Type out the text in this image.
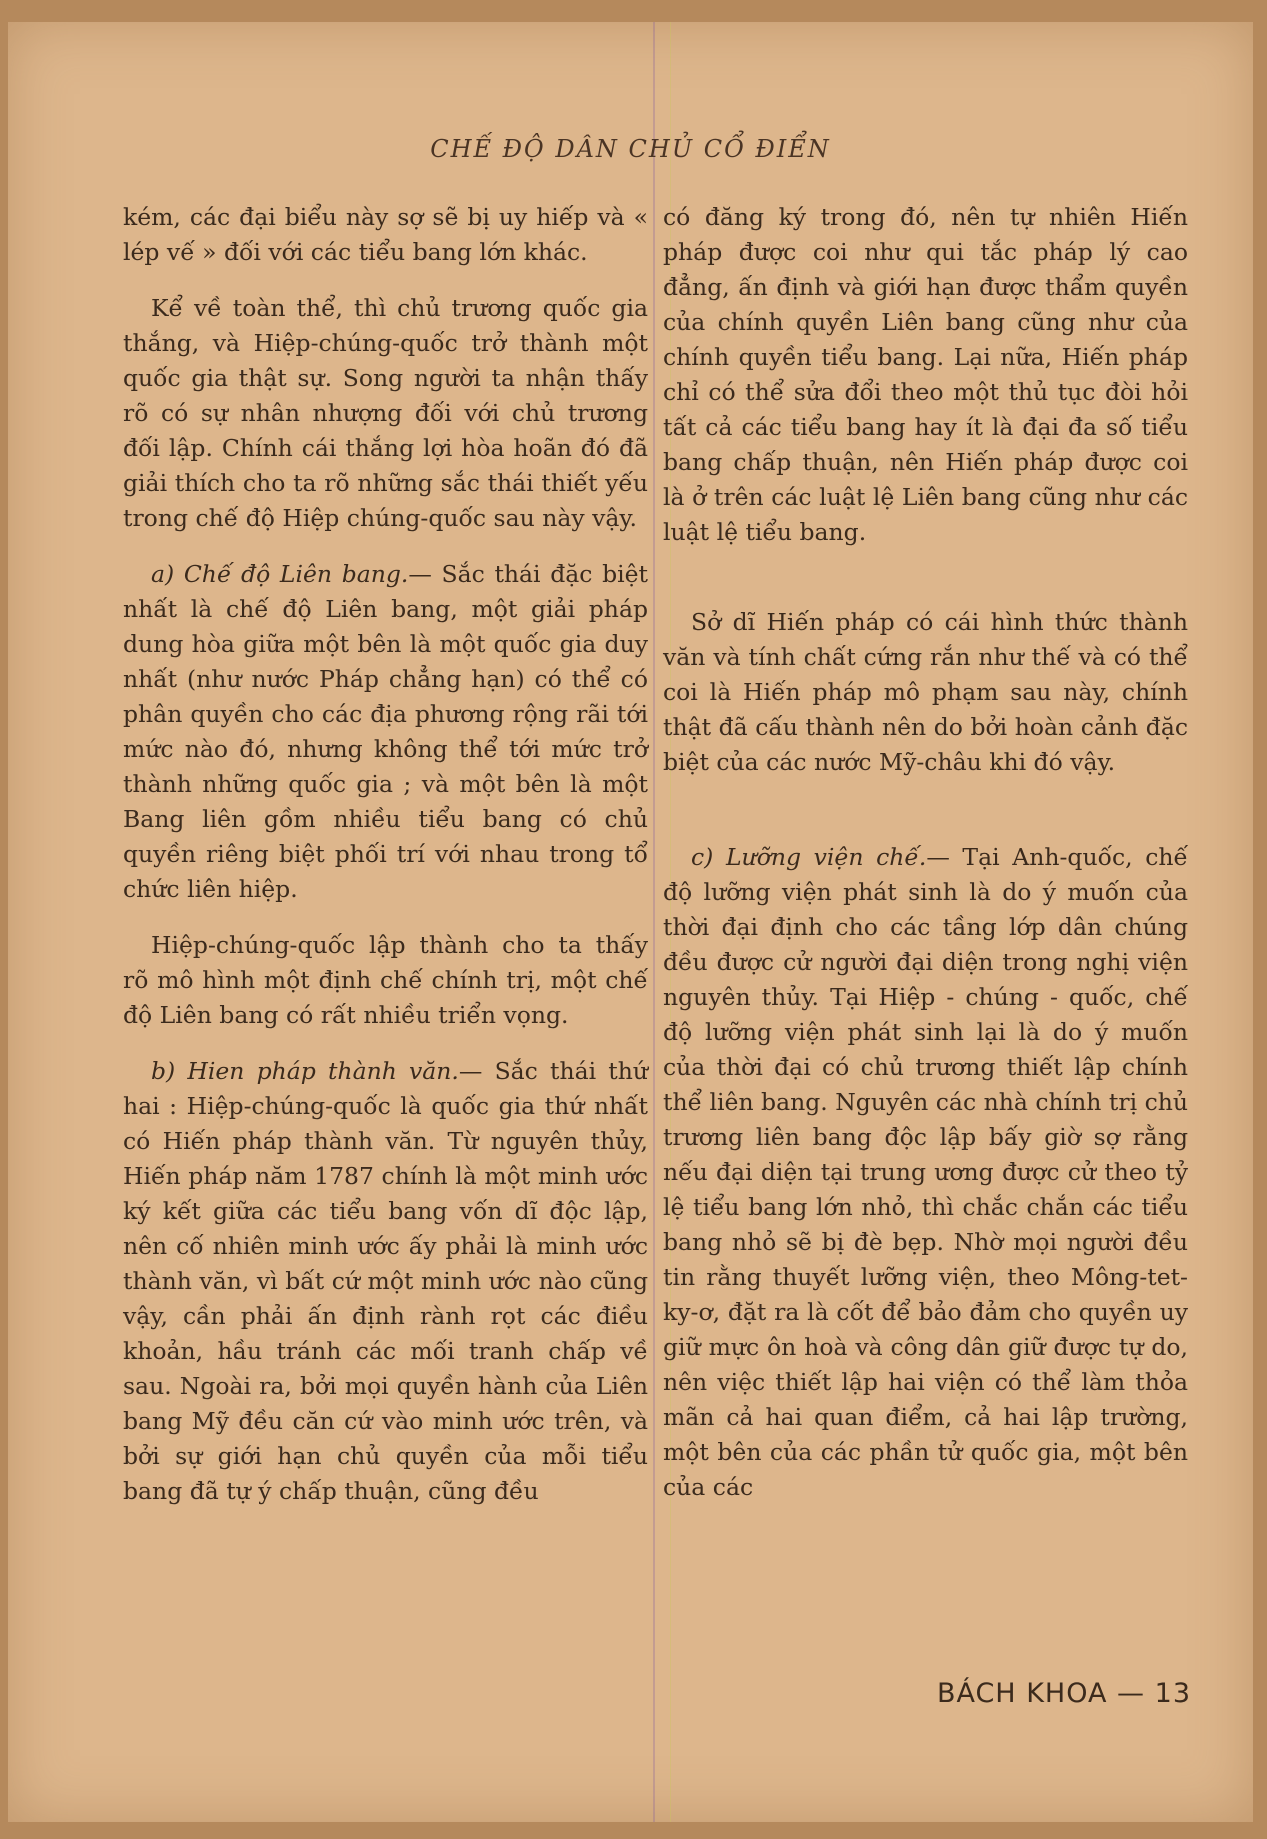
CHẾ ĐỘ DÂN CHỦ CỔ ĐIỂN

kém, các đại biểu này sợ sẽ bị uy hiếp và « lép vế » đối với các tiểu bang lớn khác.

Kể về toàn thể, thì chủ trương quốc gia thắng, và Hiệp-chúng-quốc trở thành một quốc gia thật sự. Song người ta nhận thấy rõ có sự nhân nhượng đối với chủ trương đối lập. Chính cái thắng lợi hòa hoãn đó đã giải thích cho ta rõ những sắc thái thiết yếu trong chế độ Hiệp chúng-quốc sau này vậy.

a) Chế độ Liên bang.— Sắc thái đặc biệt nhất là chế độ Liên bang, một giải pháp dung hòa giữa một bên là một quốc gia duy nhất (như nước Pháp chẳng hạn) có thể có phân quyền cho các địa phương rộng rãi tới mức nào đó, nhưng không thể tới mức trở thành những quốc gia ; và một bên là một Bang liên gồm nhiều tiểu bang có chủ quyền riêng biệt phối trí với nhau trong tổ chức liên hiệp.

Hiệp-chúng-quốc lập thành cho ta thấy rõ mô hình một định chế chính trị, một chế độ Liên bang có rất nhiều triển vọng.

b) Hien pháp thành văn.— Sắc thái thứ hai : Hiệp-chúng-quốc là quốc gia thứ nhất có Hiến pháp thành văn. Từ nguyên thủy, Hiến pháp năm 1787 chính là một minh ước ký kết giữa các tiểu bang vốn dĩ độc lập, nên cố nhiên minh ước ấy phải là minh ước thành văn, vì bất cứ một minh ước nào cũng vậy, cần phải ấn định rành rọt các điều khoản, hầu tránh các mối tranh chấp về sau. Ngoài ra, bởi mọi quyền hành của Liên bang Mỹ đều căn cứ vào minh ước trên, và bởi sự giới hạn chủ quyền của mỗi tiểu bang đã tự ý chấp thuận, cũng đều

có đăng ký trong đó, nên tự nhiên Hiến pháp được coi như qui tắc pháp lý cao đẳng, ấn định và giới hạn được thẩm quyền của chính quyền Liên bang cũng như của chính quyền tiểu bang. Lại nữa, Hiến pháp chỉ có thể sửa đổi theo một thủ tục đòi hỏi tất cả các tiểu bang hay ít là đại đa số tiểu bang chấp thuận, nên Hiến pháp được coi là ở trên các luật lệ Liên bang cũng như các luật lệ tiểu bang.

Sở dĩ Hiến pháp có cái hình thức thành văn và tính chất cứng rắn như thế và có thể coi là Hiến pháp mô phạm sau này, chính thật đã cấu thành nên do bởi hoàn cảnh đặc biệt của các nước Mỹ-châu khi đó vậy.

c) Lưỡng viện chế.— Tại Anh-quốc, chế độ lưỡng viện phát sinh là do ý muốn của thời đại định cho các tầng lớp dân chúng đều được cử người đại diện trong nghị viện nguyên thủy. Tại Hiệp - chúng - quốc, chế độ lưỡng viện phát sinh lại là do ý muốn của thời đại có chủ trương thiết lập chính thể liên bang. Nguyên các nhà chính trị chủ trương liên bang độc lập bấy giờ sợ rằng nếu đại diện tại trung ương được cử theo tỷ lệ tiểu bang lớn nhỏ, thì chắc chắn các tiểu bang nhỏ sẽ bị đè bẹp. Nhờ mọi người đều tin rằng thuyết lưỡng viện, theo Mông-tet-ky-ơ, đặt ra là cốt để bảo đảm cho quyền uy giữ mực ôn hoà và công dân giữ được tự do, nên việc thiết lập hai viện có thể làm thỏa mãn cả hai quan điểm, cả hai lập trường, một bên của các phần tử quốc gia, một bên của các

BÁCH KHOA — 13
